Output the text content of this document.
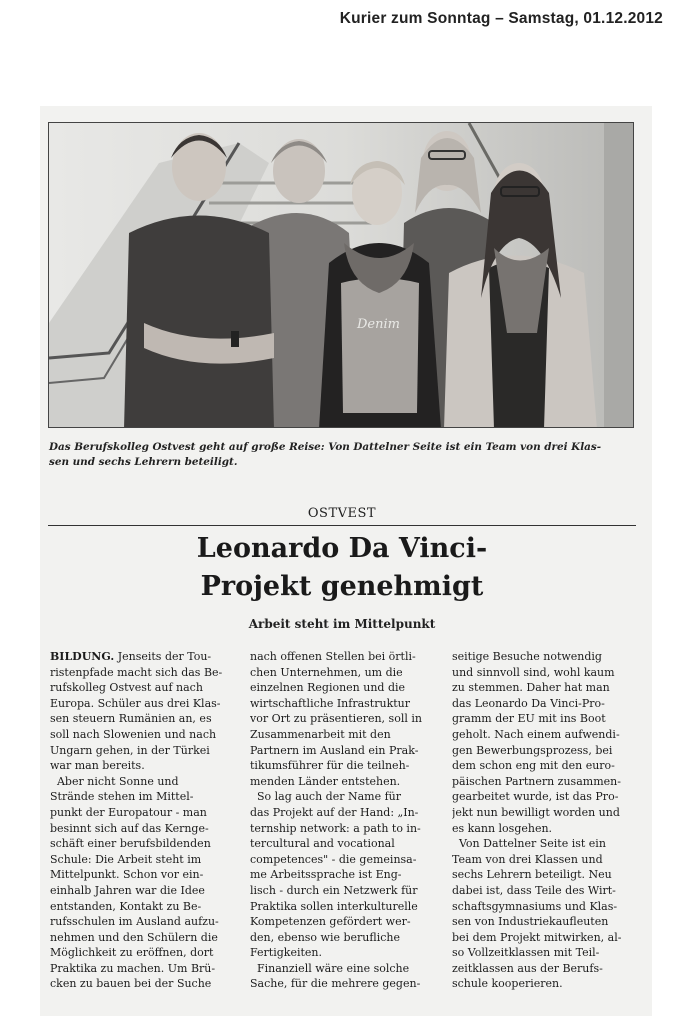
Kurier zum Sonntag – Samstag, 01.12.2012
Denim
Das Berufskolleg Ostvest geht auf große Reise: Von Dattelner Seite ist ein Team von drei Klas-
sen und sechs Lehrern beteiligt.
OSTVEST
Leonardo Da Vinci-
Projekt genehmigt
Arbeit steht im Mittelpunkt
BILDUNG. Jenseits der Tou-
ristenpfade macht sich das Be-
rufskolleg Ostvest auf nach
Europa. Schüler aus drei Klas-
sen steuern Rumänien an, es
soll nach Slowenien und nach
Ungarn gehen, in der Türkei
war man bereits.
Aber nicht Sonne und
Strände stehen im Mittel-
punkt der Europatour - man
besinnt sich auf das Kernge-
schäft einer berufsbildenden
Schule: Die Arbeit steht im
Mittelpunkt. Schon vor ein-
einhalb Jahren war die Idee
entstanden, Kontakt zu Be-
rufsschulen im Ausland aufzu-
nehmen und den Schülern die
Möglichkeit zu eröffnen, dort
Praktika zu machen. Um Brü-
cken zu bauen bei der Suche
nach offenen Stellen bei örtli-
chen Unternehmen, um die
einzelnen Regionen und die
wirtschaftliche Infrastruktur
vor Ort zu präsentieren, soll in
Zusammenarbeit mit den
Partnern im Ausland ein Prak-
tikumsführer für die teilneh-
menden Länder entstehen.
So lag auch der Name für
das Projekt auf der Hand: „In-
ternship network: a path to in-
tercultural and vocational
competences" - die gemeinsa-
me Arbeitssprache ist Eng-
lisch - durch ein Netzwerk für
Praktika sollen interkulturelle
Kompetenzen gefördert wer-
den, ebenso wie berufliche
Fertigkeiten.
Finanziell wäre eine solche
Sache, für die mehrere gegen-
seitige Besuche notwendig
und sinnvoll sind, wohl kaum
zu stemmen. Daher hat man
das Leonardo Da Vinci-Pro-
gramm der EU mit ins Boot
geholt. Nach einem aufwendi-
gen Bewerbungsprozess, bei
dem schon eng mit den euro-
päischen Partnern zusammen-
gearbeitet wurde, ist das Pro-
jekt nun bewilligt worden und
es kann losgehen.
Von Dattelner Seite ist ein
Team von drei Klassen und
sechs Lehrern beteiligt. Neu
dabei ist, dass Teile des Wirt-
schaftsgymnasiums und Klas-
sen von Industriekaufleuten
bei dem Projekt mitwirken, al-
so Vollzeitklassen mit Teil-
zeitklassen aus der Berufs-
schule kooperieren.
